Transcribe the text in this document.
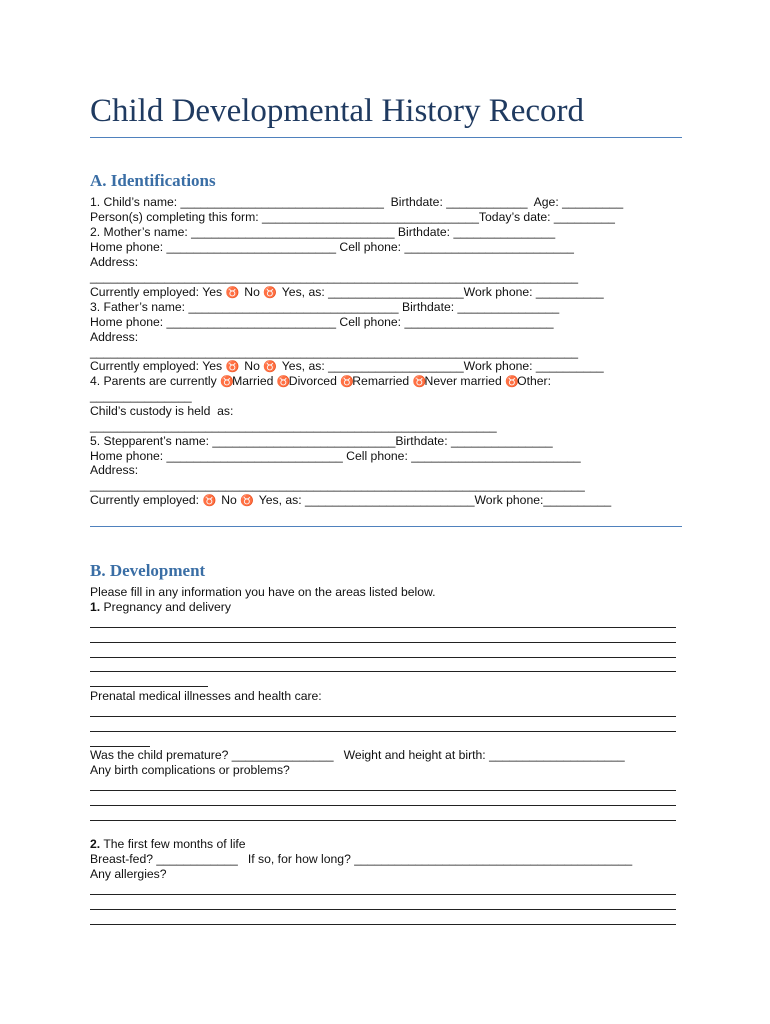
Child Developmental History Record
A. Identifications
1. Child’s name: ______________________________  Birthdate: ____________  Age: _________
Person(s) completing this form: ________________________________Today’s date: _________
2. Mother’s name: ______________________________ Birthdate: _______________
Home phone: _________________________ Cell phone: _________________________
Address:
________________________________________________________________________
Currently employed: Yes ♉  No ♉  Yes, as: ____________________Work phone: __________
3. Father’s name: _______________________________ Birthdate: _______________
Home phone: _________________________ Cell phone: ______________________
Address:
________________________________________________________________________
Currently employed: Yes ♉  No ♉  Yes, as: ____________________Work phone: __________
4. Parents are currently ♉Married ♉Divorced ♉Remarried ♉Never married ♉Other:
_______________
Child’s custody is held  as:
____________________________________________________________
5. Stepparent’s name: ___________________________Birthdate: _______________
Home phone: __________________________ Cell phone: _________________________
Address:
_________________________________________________________________________
Currently employed: ♉  No ♉  Yes, as: _________________________Work phone:__________
B. Development
Please fill in any information you have on the areas listed below.
1. Pregnancy and delivery
Prenatal medical illnesses and health care:
Was the child premature? _______________   Weight and height at birth: ____________________
Any birth complications or problems?
2. The first few months of life
Breast-fed? ____________   If so, for how long? _________________________________________
Any allergies?
